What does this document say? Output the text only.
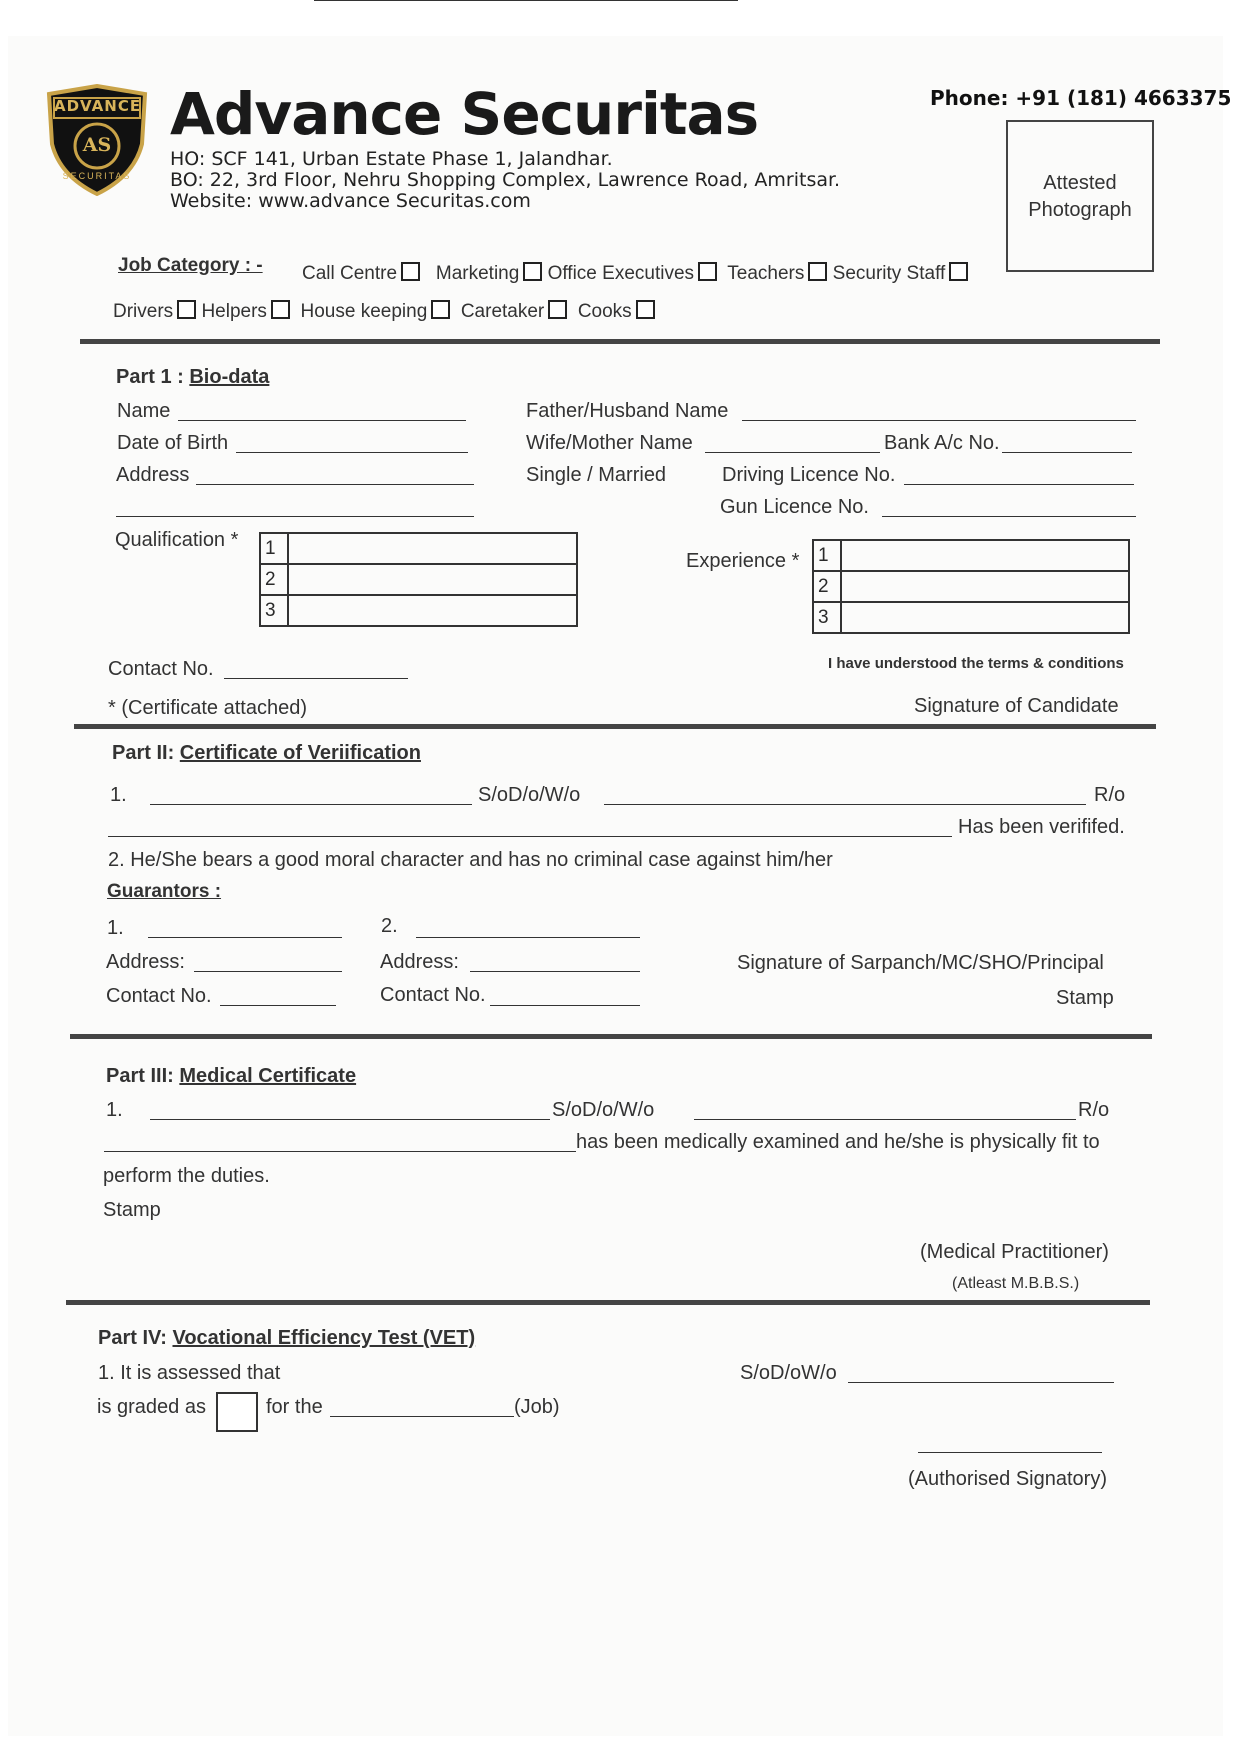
ADVANCE
AS
SECURITAS
Advance Securitas
HO: SCF 141, Urban Estate Phase 1, Jalandhar.
BO: 22, 3rd Floor, Nehru Shopping Complex, Lawrence Road, Amritsar.
Website: www.advance Securitas.com
Phone: +91 (181) 4663375
Attested
Photograph
Job Category : - Call Centre Marketing Office Executives Teachers Security Staff
Drivers Helpers House keeping Caretaker Cooks
Part 1 : Bio-data
Name	Father/Husband Name
Date of Birth	Wife/Mother Name	Bank A/c No.
Address	Single / Married	Driving Licence No.
Gun Licence No.
Qualification * 1	
2	
3	
Experience * 1	
2	
3	
Contact No.	I have understood the terms & conditions
* (Certificate attached)	Signature of Candidate
Part II: Certificate of Veriification
1.	S/oD/o/W/o	R/o
Has been verififed.
2. He/She bears a good moral character and has no criminal case against him/her
Guarantors :
1.	2.
Address:	Address:	Signature of Sarpanch/MC/SHO/Principal
Contact No.	Contact No.	Stamp
Part III: Medical Certificate
1.	S/oD/o/W/o	R/o
has been medically examined and he/she is physically fit to
perform the duties.
Stamp
(Medical Practitioner)
(Atleast M.B.B.S.)
Part IV: Vocational Efficiency Test (VET)
1. It is assessed that	S/oD/oW/o
is graded as	for the	(Job)
(Authorised Signatory)
